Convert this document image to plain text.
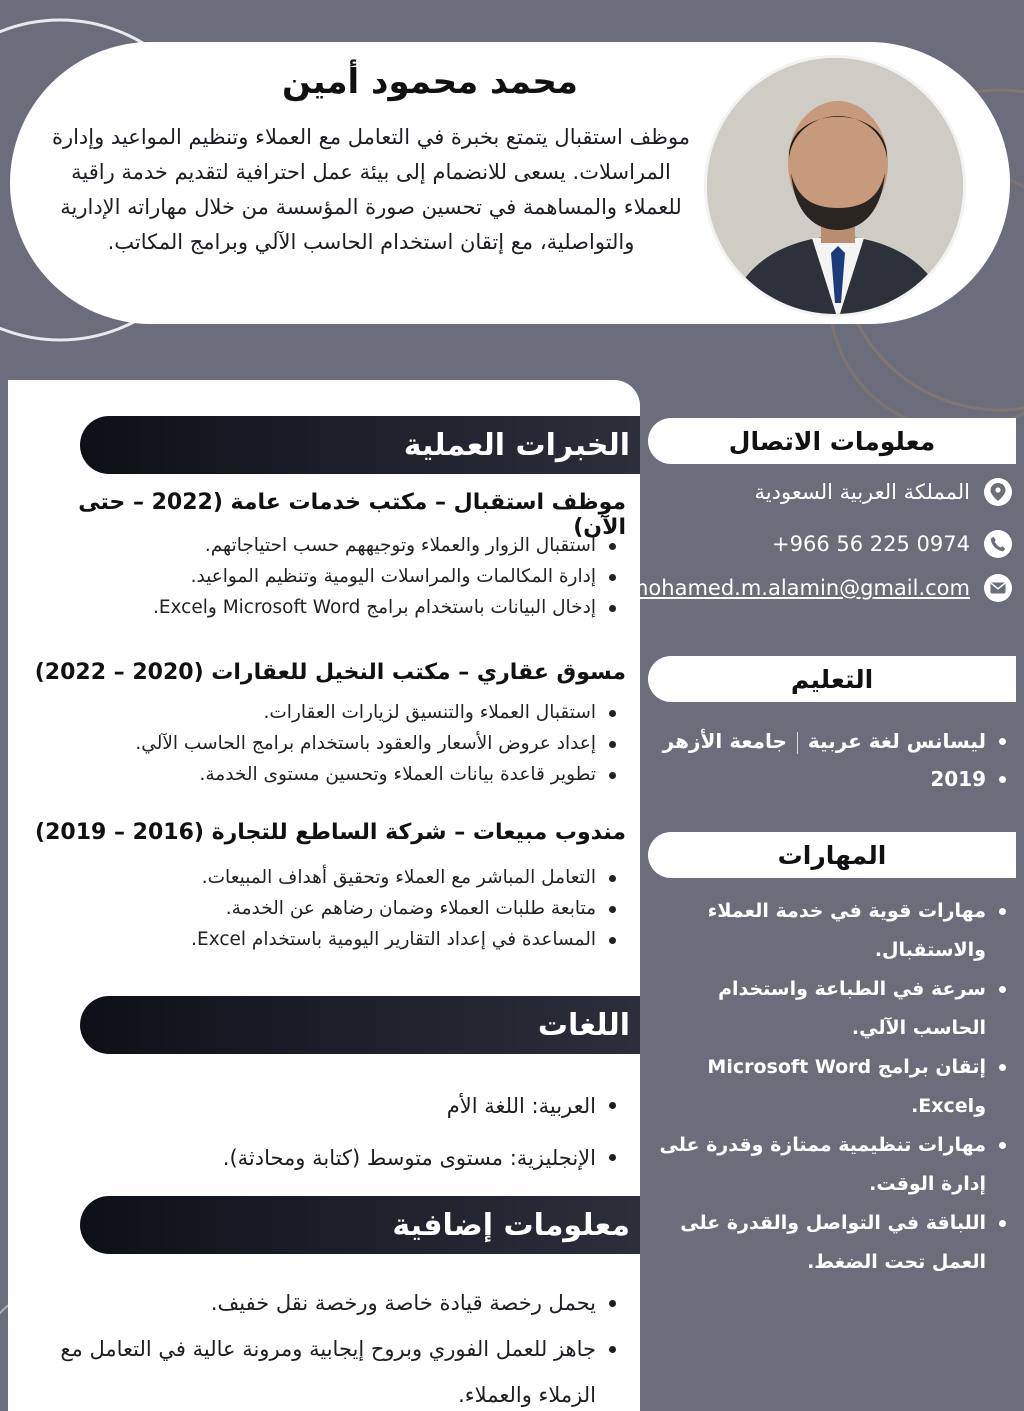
محمد محمود أمين
موظف استقبال يتمتع بخبرة في التعامل مع العملاء وتنظيم المواعيد وإدارة المراسلات. يسعى للانضمام إلى بيئة عمل احترافية لتقديم خدمة راقية للعملاء والمساهمة في تحسين صورة المؤسسة من خلال مهاراته الإدارية والتواصلية، مع إتقان استخدام الحاسب الآلي وبرامج المكاتب.
الخبرات العملية
موظف استقبال – مكتب خدمات عامة (2022 – حتى الآن)
استقبال الزوار والعملاء وتوجيههم حسب احتياجاتهم.
إدارة المكالمات والمراسلات اليومية وتنظيم المواعيد.
إدخال البيانات باستخدام برامج Microsoft Word وExcel.
مسوق عقاري – مكتب النخيل للعقارات (2020 – 2022)
استقبال العملاء والتنسيق لزيارات العقارات.
إعداد عروض الأسعار والعقود باستخدام برامج الحاسب الآلي.
تطوير قاعدة بيانات العملاء وتحسين مستوى الخدمة.
مندوب مبيعات – شركة الساطع للتجارة (2016 – 2019)
التعامل المباشر مع العملاء وتحقيق أهداف المبيعات.
متابعة طلبات العملاء وضمان رضاهم عن الخدمة.
المساعدة في إعداد التقارير اليومية باستخدام Excel.
اللغات
العربية: اللغة الأم
الإنجليزية: مستوى متوسط (كتابة ومحادثة).
معلومات إضافية
يحمل رخصة قيادة خاصة ورخصة نقل خفيف.
جاهز للعمل الفوري وبروح إيجابية ومرونة عالية في التعامل مع الزملاء والعملاء.
معلومات الاتصال
المملكة العربية السعودية
+966 56 225 0974
mohamed.m.alamin@gmail.com
التعليم
ليسانس لغة عربيةجامعة الأزهر
2019
المهارات
مهارات قوية في خدمة العملاء والاستقبال.
سرعة في الطباعة واستخدام الحاسب الآلي.
إتقان برامج Microsoft Word وExcel.
مهارات تنظيمية ممتازة وقدرة على إدارة الوقت.
اللباقة في التواصل والقدرة على العمل تحت الضغط.
